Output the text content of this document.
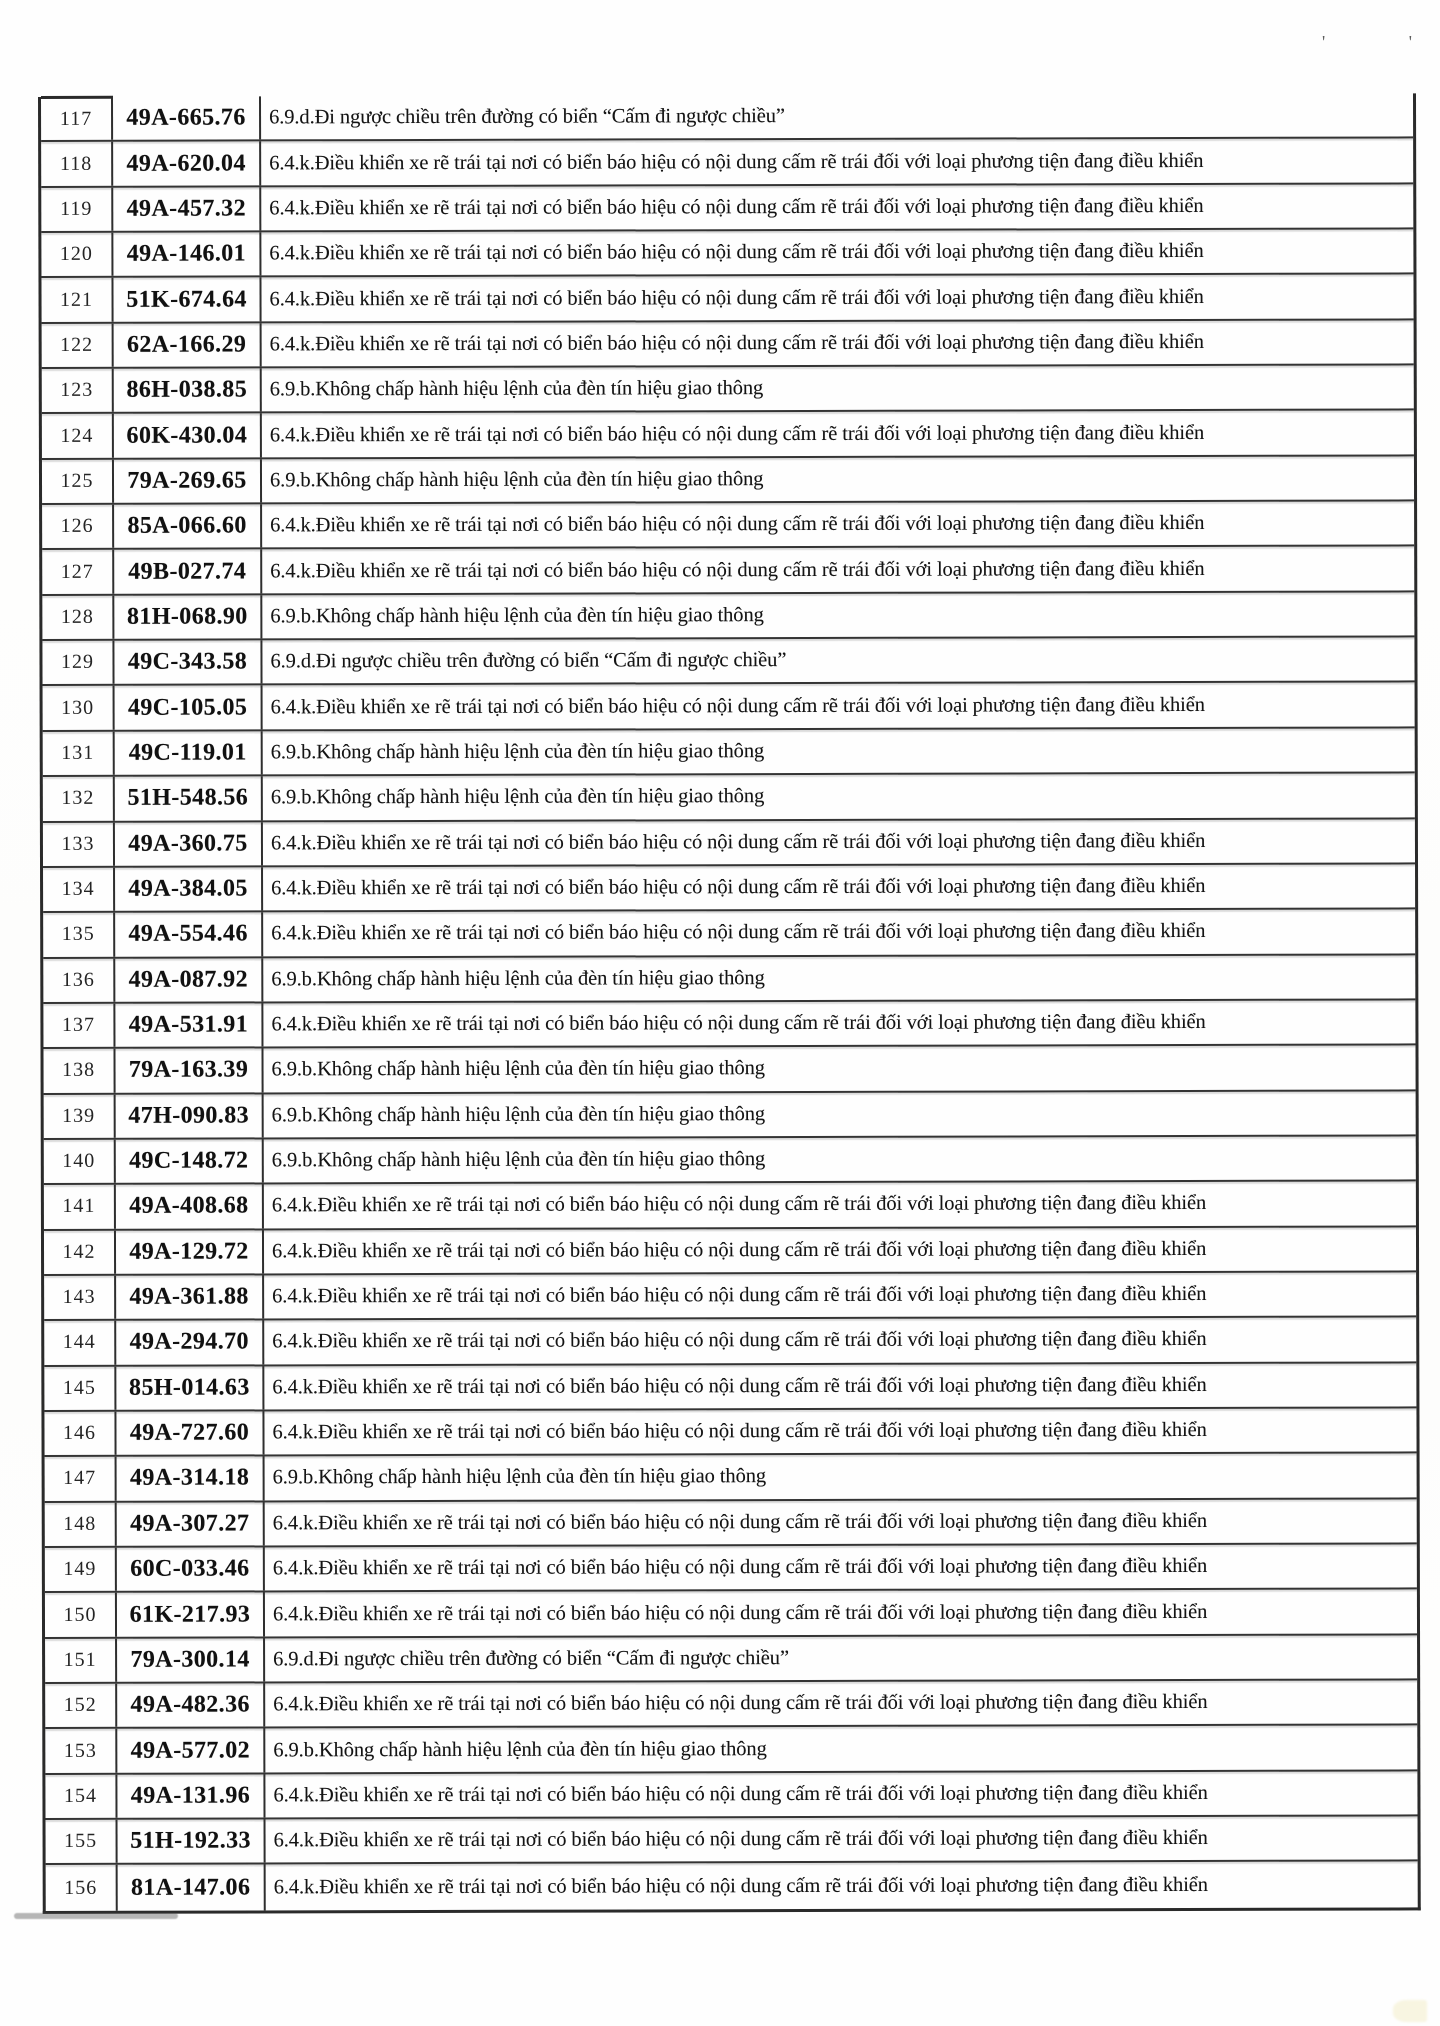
'	'
117	49A-665.76	6.9.d.Đi ngược chiều trên đường có biển “Cấm đi ngược chiều”
118	49A-620.04	6.4.k.Điều khiển xe rẽ trái tại nơi có biển báo hiệu có nội dung cấm rẽ trái đối với loại phương tiện đang điều khiển
119	49A-457.32	6.4.k.Điều khiển xe rẽ trái tại nơi có biển báo hiệu có nội dung cấm rẽ trái đối với loại phương tiện đang điều khiển
120	49A-146.01	6.4.k.Điều khiển xe rẽ trái tại nơi có biển báo hiệu có nội dung cấm rẽ trái đối với loại phương tiện đang điều khiển
121	51K-674.64	6.4.k.Điều khiển xe rẽ trái tại nơi có biển báo hiệu có nội dung cấm rẽ trái đối với loại phương tiện đang điều khiển
122	62A-166.29	6.4.k.Điều khiển xe rẽ trái tại nơi có biển báo hiệu có nội dung cấm rẽ trái đối với loại phương tiện đang điều khiển
123	86H-038.85	6.9.b.Không chấp hành hiệu lệnh của đèn tín hiệu giao thông
124	60K-430.04	6.4.k.Điều khiển xe rẽ trái tại nơi có biển báo hiệu có nội dung cấm rẽ trái đối với loại phương tiện đang điều khiển
125	79A-269.65	6.9.b.Không chấp hành hiệu lệnh của đèn tín hiệu giao thông
126	85A-066.60	6.4.k.Điều khiển xe rẽ trái tại nơi có biển báo hiệu có nội dung cấm rẽ trái đối với loại phương tiện đang điều khiển
127	49B-027.74	6.4.k.Điều khiển xe rẽ trái tại nơi có biển báo hiệu có nội dung cấm rẽ trái đối với loại phương tiện đang điều khiển
128	81H-068.90	6.9.b.Không chấp hành hiệu lệnh của đèn tín hiệu giao thông
129	49C-343.58	6.9.d.Đi ngược chiều trên đường có biển “Cấm đi ngược chiều”
130	49C-105.05	6.4.k.Điều khiển xe rẽ trái tại nơi có biển báo hiệu có nội dung cấm rẽ trái đối với loại phương tiện đang điều khiển
131	49C-119.01	6.9.b.Không chấp hành hiệu lệnh của đèn tín hiệu giao thông
132	51H-548.56	6.9.b.Không chấp hành hiệu lệnh của đèn tín hiệu giao thông
133	49A-360.75	6.4.k.Điều khiển xe rẽ trái tại nơi có biển báo hiệu có nội dung cấm rẽ trái đối với loại phương tiện đang điều khiển
134	49A-384.05	6.4.k.Điều khiển xe rẽ trái tại nơi có biển báo hiệu có nội dung cấm rẽ trái đối với loại phương tiện đang điều khiển
135	49A-554.46	6.4.k.Điều khiển xe rẽ trái tại nơi có biển báo hiệu có nội dung cấm rẽ trái đối với loại phương tiện đang điều khiển
136	49A-087.92	6.9.b.Không chấp hành hiệu lệnh của đèn tín hiệu giao thông
137	49A-531.91	6.4.k.Điều khiển xe rẽ trái tại nơi có biển báo hiệu có nội dung cấm rẽ trái đối với loại phương tiện đang điều khiển
138	79A-163.39	6.9.b.Không chấp hành hiệu lệnh của đèn tín hiệu giao thông
139	47H-090.83	6.9.b.Không chấp hành hiệu lệnh của đèn tín hiệu giao thông
140	49C-148.72	6.9.b.Không chấp hành hiệu lệnh của đèn tín hiệu giao thông
141	49A-408.68	6.4.k.Điều khiển xe rẽ trái tại nơi có biển báo hiệu có nội dung cấm rẽ trái đối với loại phương tiện đang điều khiển
142	49A-129.72	6.4.k.Điều khiển xe rẽ trái tại nơi có biển báo hiệu có nội dung cấm rẽ trái đối với loại phương tiện đang điều khiển
143	49A-361.88	6.4.k.Điều khiển xe rẽ trái tại nơi có biển báo hiệu có nội dung cấm rẽ trái đối với loại phương tiện đang điều khiển
144	49A-294.70	6.4.k.Điều khiển xe rẽ trái tại nơi có biển báo hiệu có nội dung cấm rẽ trái đối với loại phương tiện đang điều khiển
145	85H-014.63	6.4.k.Điều khiển xe rẽ trái tại nơi có biển báo hiệu có nội dung cấm rẽ trái đối với loại phương tiện đang điều khiển
146	49A-727.60	6.4.k.Điều khiển xe rẽ trái tại nơi có biển báo hiệu có nội dung cấm rẽ trái đối với loại phương tiện đang điều khiển
147	49A-314.18	6.9.b.Không chấp hành hiệu lệnh của đèn tín hiệu giao thông
148	49A-307.27	6.4.k.Điều khiển xe rẽ trái tại nơi có biển báo hiệu có nội dung cấm rẽ trái đối với loại phương tiện đang điều khiển
149	60C-033.46	6.4.k.Điều khiển xe rẽ trái tại nơi có biển báo hiệu có nội dung cấm rẽ trái đối với loại phương tiện đang điều khiển
150	61K-217.93	6.4.k.Điều khiển xe rẽ trái tại nơi có biển báo hiệu có nội dung cấm rẽ trái đối với loại phương tiện đang điều khiển
151	79A-300.14	6.9.d.Đi ngược chiều trên đường có biển “Cấm đi ngược chiều”
152	49A-482.36	6.4.k.Điều khiển xe rẽ trái tại nơi có biển báo hiệu có nội dung cấm rẽ trái đối với loại phương tiện đang điều khiển
153	49A-577.02	6.9.b.Không chấp hành hiệu lệnh của đèn tín hiệu giao thông
154	49A-131.96	6.4.k.Điều khiển xe rẽ trái tại nơi có biển báo hiệu có nội dung cấm rẽ trái đối với loại phương tiện đang điều khiển
155	51H-192.33	6.4.k.Điều khiển xe rẽ trái tại nơi có biển báo hiệu có nội dung cấm rẽ trái đối với loại phương tiện đang điều khiển
156	81A-147.06	6.4.k.Điều khiển xe rẽ trái tại nơi có biển báo hiệu có nội dung cấm rẽ trái đối với loại phương tiện đang điều khiển
